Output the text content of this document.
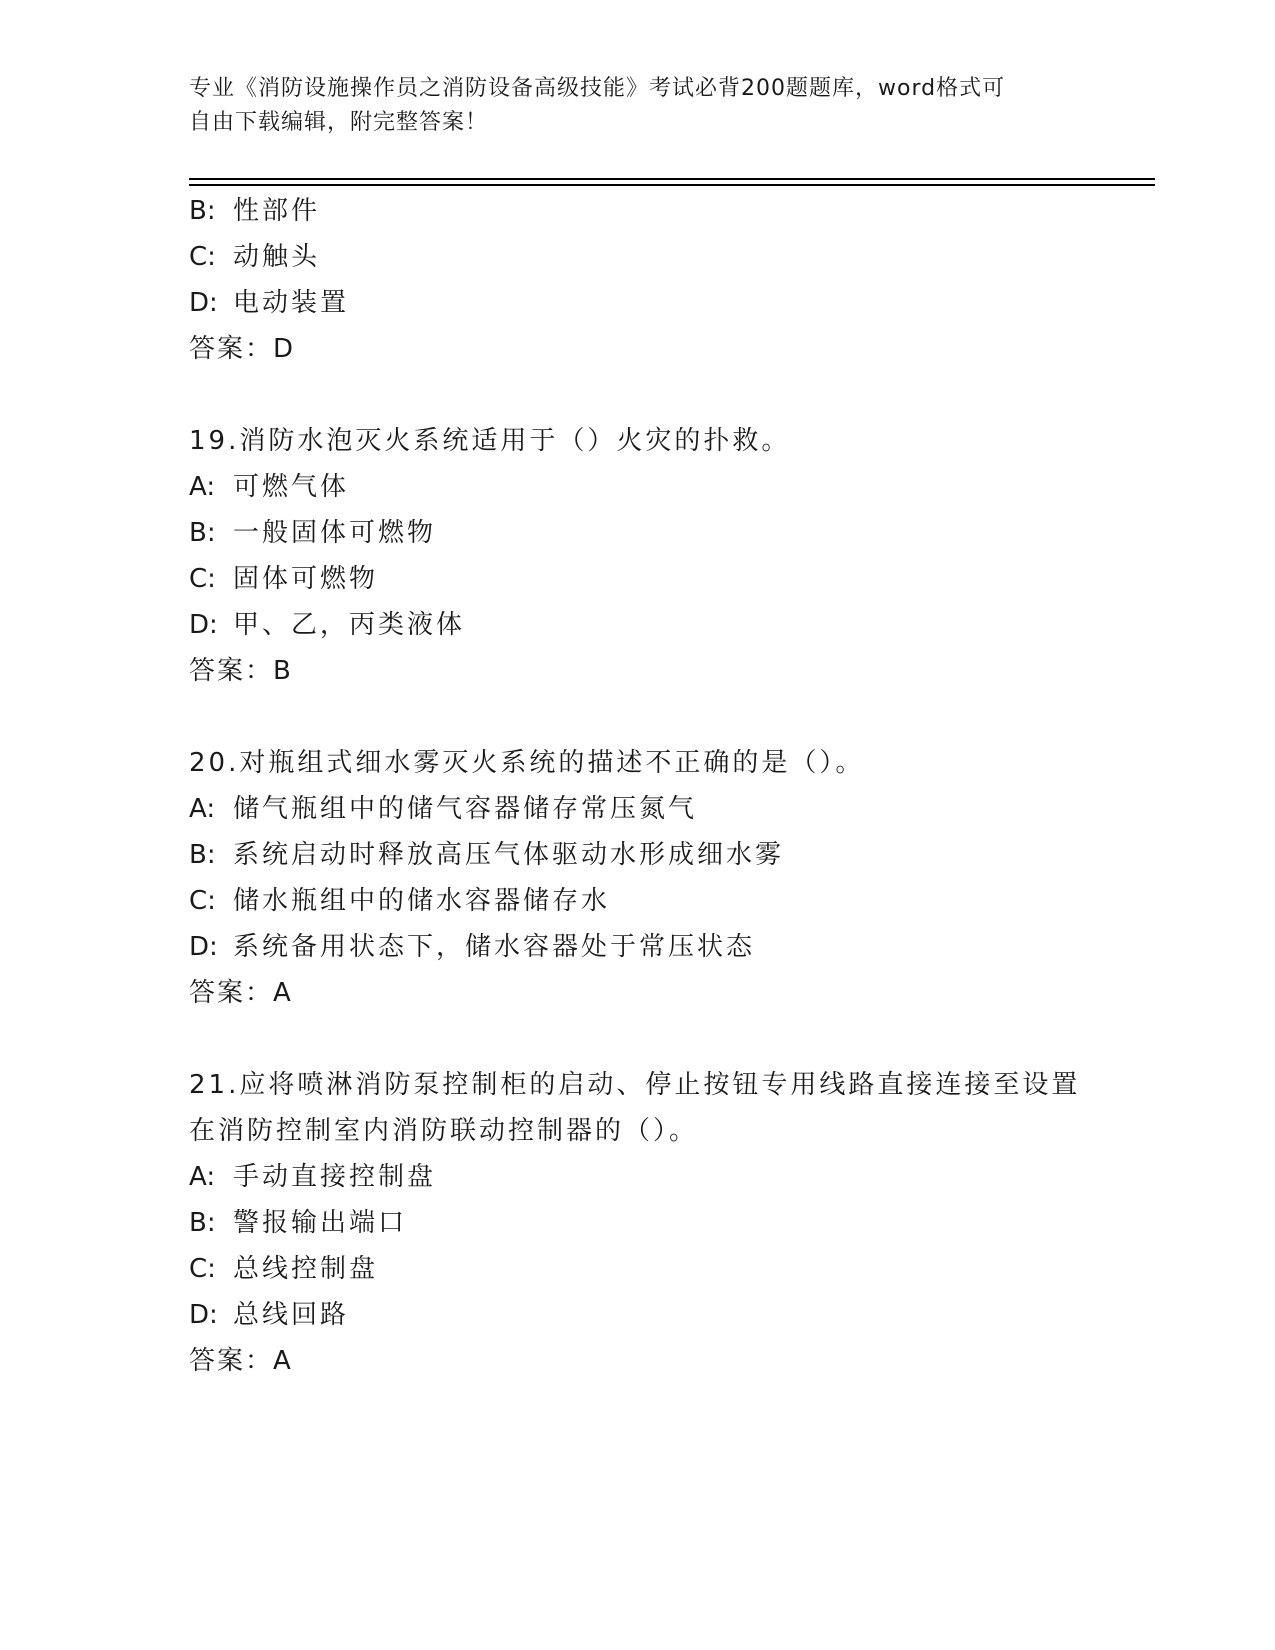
专业《消防设施操作员之消防设备高级技能》考试必背200题题库，word格式可
自由下载编辑，附完整答案！
B: 性部件
C: 动触头
D: 电动装置
答案：D
19.消防水泡灭火系统适用于（）火灾的扑救。
A: 可燃气体
B: 一般固体可燃物
C: 固体可燃物
D: 甲、乙，丙类液体
答案：B
20.对瓶组式细水雾灭火系统的描述不正确的是（）。
A: 储气瓶组中的储气容器储存常压氮气
B: 系统启动时释放高压气体驱动水形成细水雾
C: 储水瓶组中的储水容器储存水
D: 系统备用状态下，储水容器处于常压状态
答案：A
21.应将喷淋消防泵控制柜的启动、停止按钮专用线路直接连接至设置
在消防控制室内消防联动控制器的（）。
A: 手动直接控制盘
B: 警报输出端口
C: 总线控制盘
D: 总线回路
答案：A
